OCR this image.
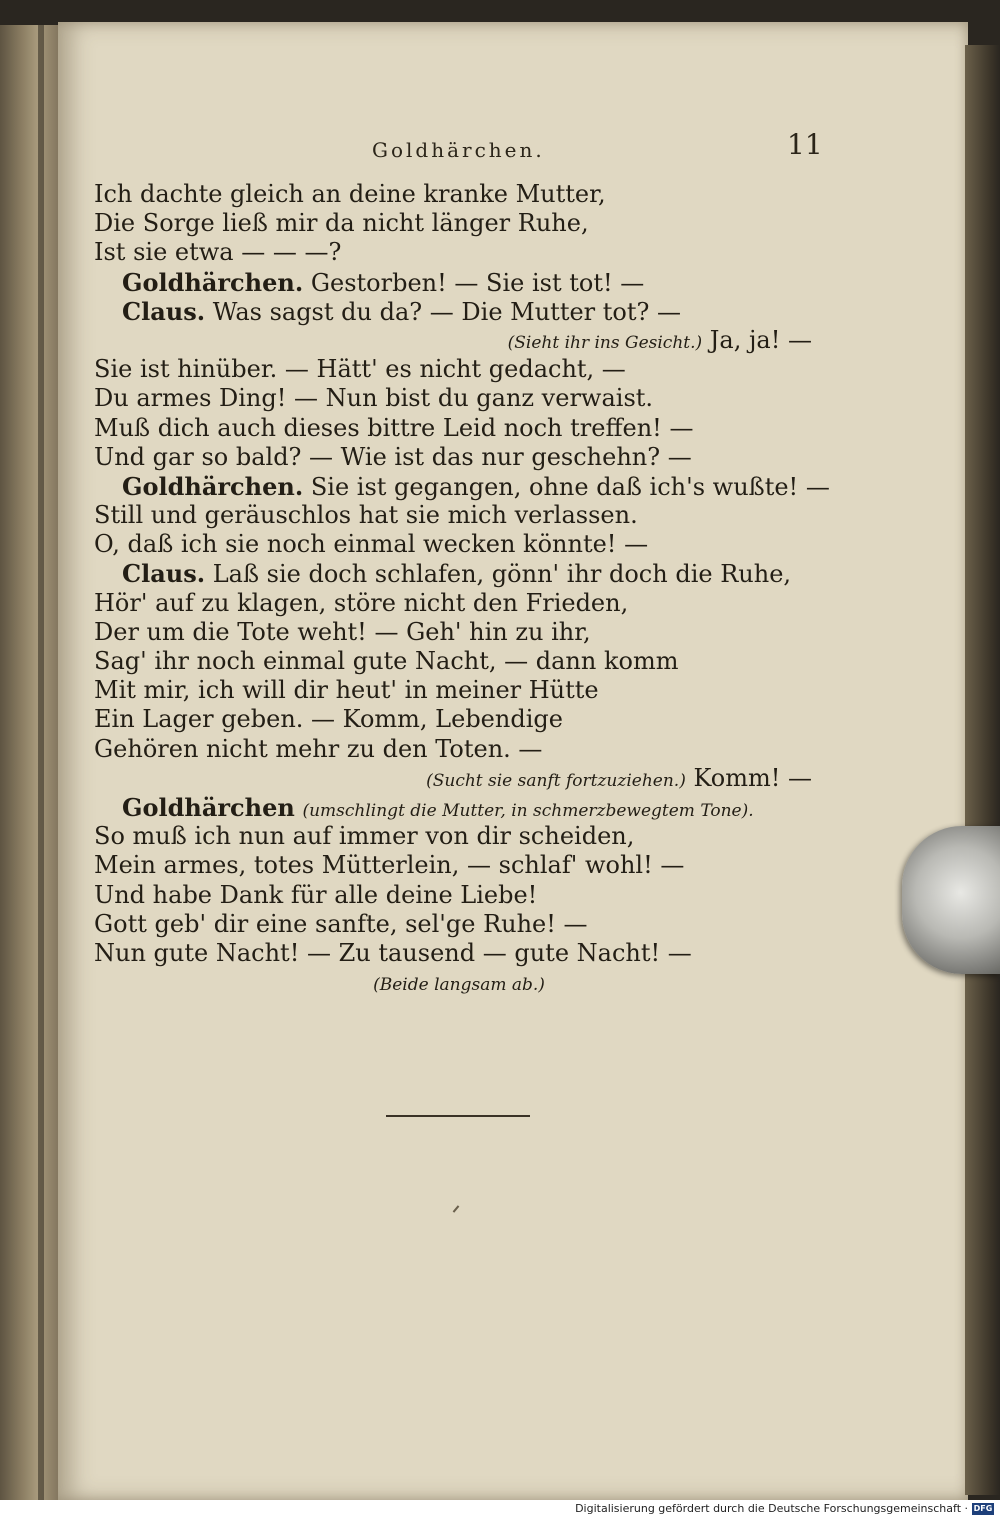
Goldhärchen.	11
Ich dachte gleich an deine kranke Mutter,
Die Sorge ließ mir da nicht länger Ruhe,
Ist sie etwa — — —?
Goldhärchen. Gestorben! — Sie ist tot! —
Claus. Was sagst du da? — Die Mutter tot? —
(Sieht ihr ins Gesicht.) Ja, ja! —
Sie ist hinüber. — Hätt' es nicht gedacht, —
Du armes Ding! — Nun bist du ganz verwaist.
Muß dich auch dieses bittre Leid noch treffen! —
Und gar so bald? — Wie ist das nur geschehn? —
Goldhärchen. Sie ist gegangen, ohne daß ich's wußte! —
Still und geräuschlos hat sie mich verlassen.
O, daß ich sie noch einmal wecken könnte! —
Claus. Laß sie doch schlafen, gönn' ihr doch die Ruhe,
Hör' auf zu klagen, störe nicht den Frieden,
Der um die Tote weht! — Geh' hin zu ihr,
Sag' ihr noch einmal gute Nacht, — dann komm
Mit mir, ich will dir heut' in meiner Hütte
Ein Lager geben. — Komm, Lebendige
Gehören nicht mehr zu den Toten. —
(Sucht sie sanft fortzuziehen.) Komm! —
Goldhärchen (umschlingt die Mutter, in schmerzbewegtem Tone).
So muß ich nun auf immer von dir scheiden,
Mein armes, totes Mütterlein, — schlaf' wohl! —
Und habe Dank für alle deine Liebe!
Gott geb' dir eine sanfte, sel'ge Ruhe! —
Nun gute Nacht! — Zu tausend — gute Nacht! —
(Beide langsam ab.)
Digitalisierung gefördert durch die Deutsche Forschungsgemeinschaft · DFG
